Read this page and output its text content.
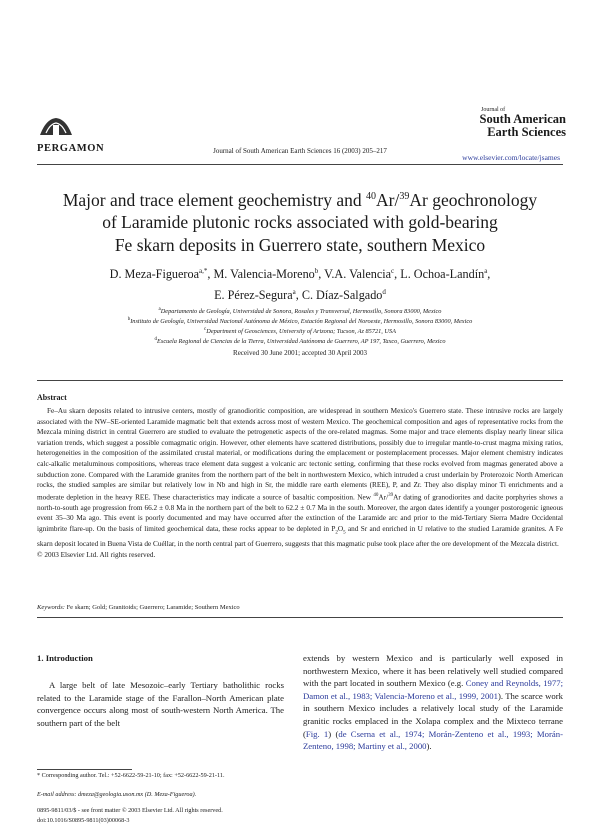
PERGAMON	Journal of South American Earth Sciences 16 (2003) 205–217
Journal of
South American
Earth Sciences
www.elsevier.com/locate/jsames
Major and trace element geochemistry and $^{40}$Ar/$^{39}$Ar geochronology
of Laramide plutonic rocks associated with gold-bearing
Fe skarn deposits in Guerrero state, southern Mexico
D. Meza-Figueroa$^{a,*}$, M. Valencia-Moreno$^b$, V.A. Valencia$^c$, L. Ochoa-Landín$^a$,
E. Pérez-Segura$^a$, C. Díaz-Salgado$^d$
$^a$Departamento de Geología, Universidad de Sonora, Rosales y Transversal, Hermosillo, Sonora 83000, Mexico
$^b$Instituto de Geología, Universidad Nacional Autónoma de México, Estación Regional del Noroeste, Hermosillo, Sonora 83000, Mexico
$^c$Department of Geosciences, University of Arizona; Tucson, Az 85721, USA
$^d$Escuela Regional de Ciencias de la Tierra, Universidad Autónoma de Guerrero, AP 197, Taxco, Guerrero, Mexico
Received 30 June 2001; accepted 30 April 2003
Abstract

Fe–Au skarn deposits related to intrusive centers, mostly of granodioritic composition, are widespread in southern Mexico's Guerrero state. These intrusive rocks are largely associated with the NW–SE-oriented Laramide magmatic belt that extends across most of western Mexico. The geochemical composition and ages of representative rocks from the Mezcala mining district in central Guerrero are studied to evaluate the petrogenetic aspects of the ore-related magmas. Some major and trace elements display nearly linear silica variation trends, which suggest a possible comagmatic origin. However, other elements have scattered distributions, possibly due to irregular mantle-to-crust magma mixing ratios, heterogeneities in the composition of the assimilated crustal material, or modifications during the emplacement or postemplacement processes. Major element chemistry indicates calc-alkalic metaluminous compositions, whereas trace element data suggest a volcanic arc tectonic setting, confirming that these rocks evolved from magmas generated above a subduction zone. Compared with the Laramide granites from the northern part of the belt in northwestern Mexico, which intruded a crust underlain by Proterozoic North American rocks, the studied samples are similar but relatively low in Nb and high in Sr, the middle rare earth elements (REE), P, and Zr. They also display minor Ti enrichments and a moderate depletion in the heavy REE. These characteristics may indicate a source of basaltic composition. New $^{40}$Ar/$^{39}$Ar dating of granodiorites and dacite porphyries shows a north-to-south age progression from 66.2 ± 0.8 Ma in the northern part of the belt to 62.2 ± 0.7 Ma in the south. Moreover, the argon dates identify a younger postorogenic igneous event 35–30 Ma ago. This event is poorly documented and may have occurred after the extinction of the Laramide arc and prior to the mid-Tertiary Sierra Madre Occidental ignimbrite flare-up. On the basis of limited geochemical data, these rocks appear to be depleted in $P_2O_5$ and Sr and enriched in U relative to the studied Laramide granites. A Fe skarn deposit located in Buena Vista de Cuéllar, in the north central part of Guerrero, suggests that this magmatic pulse took place after the ore development of the Mezcala district.

© 2003 Elsevier Ltd. All rights reserved.
Keywords: Fe skarn; Gold; Granitoids; Guerrero; Laramide; Southern Mexico
1. Introduction
A large belt of late Mesozoic–early Tertiary batholithic rocks related to the Laramide stage of the Farallon–North American plate convergence occurs along most of south-western North America. The southern part of the belt
extends by western Mexico and is particularly well exposed in northwestern Mexico, where it has been relatively well studied compared with the part located in southern Mexico (e.g. Coney and Reynolds, 1977; Damon et al., 1983; Valencia-Moreno et al., 1999, 2001). The scarce work in southern Mexico includes a relatively local study of the Laramide granitic rocks emplaced in the Xolapa complex and the Mixteco terrane (Fig. 1) (de Cserna et al., 1974; Morán-Zenteno et al., 1993; Morán-Zenteno, 1998; Martiny et al., 2000).
* Corresponding author. Tel.: +52-6622-59-21-10; fax: +52-6622-59-21-11.
E-mail address: dmeza@geologia.uson.mx (D. Meza-Figueroa).
0895-9811/03/$ - see front matter © 2003 Elsevier Ltd. All rights reserved.
doi:10.1016/S0895-9811(03)00068-3
